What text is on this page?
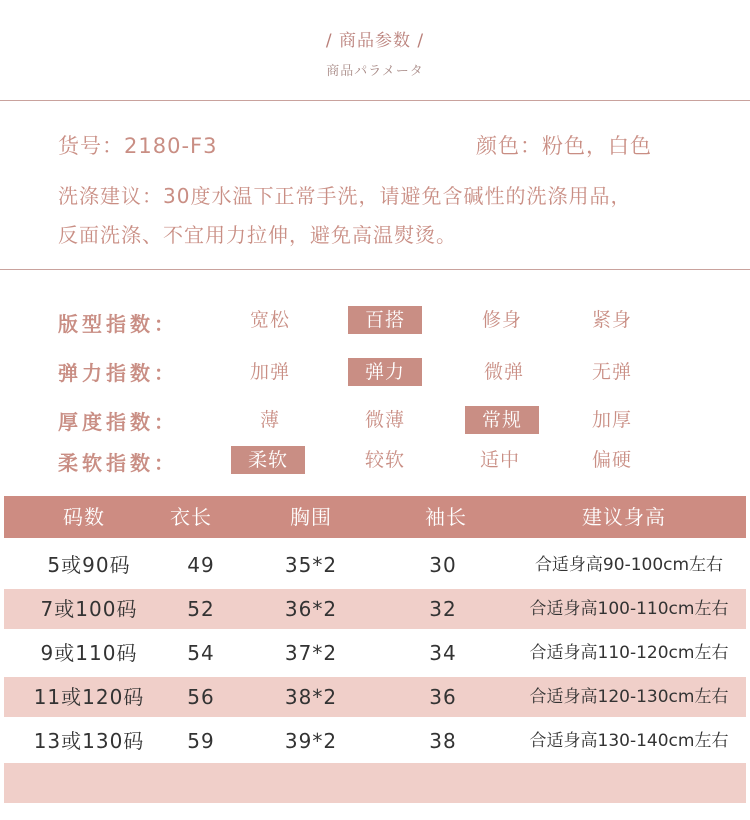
/ 商品参数 /
商品パラメータ
货号：2180-F3	颜色：粉色，白色
洗涤建议：30度水温下正常手洗，请避免含碱性的洗涤用品，
反面洗涤、不宜用力拉伸，避免高温熨烫。
版型指数：	宽松	百搭	修身	紧身
弹力指数：	加弹	弹力	微弹	无弹
厚度指数：	薄	微薄	常规	加厚
柔软指数：	柔软	较软	适中	偏硬
码数	衣长	胸围	袖长	建议身高
5或90码	49	35*2	30	合适身高90-100cm左右
7或100码	52	36*2	32	合适身高100-110cm左右
9或110码	54	37*2	34	合适身高110-120cm左右
11或120码	56	38*2	36	合适身高120-130cm左右
13或130码	59	39*2	38	合适身高130-140cm左右
